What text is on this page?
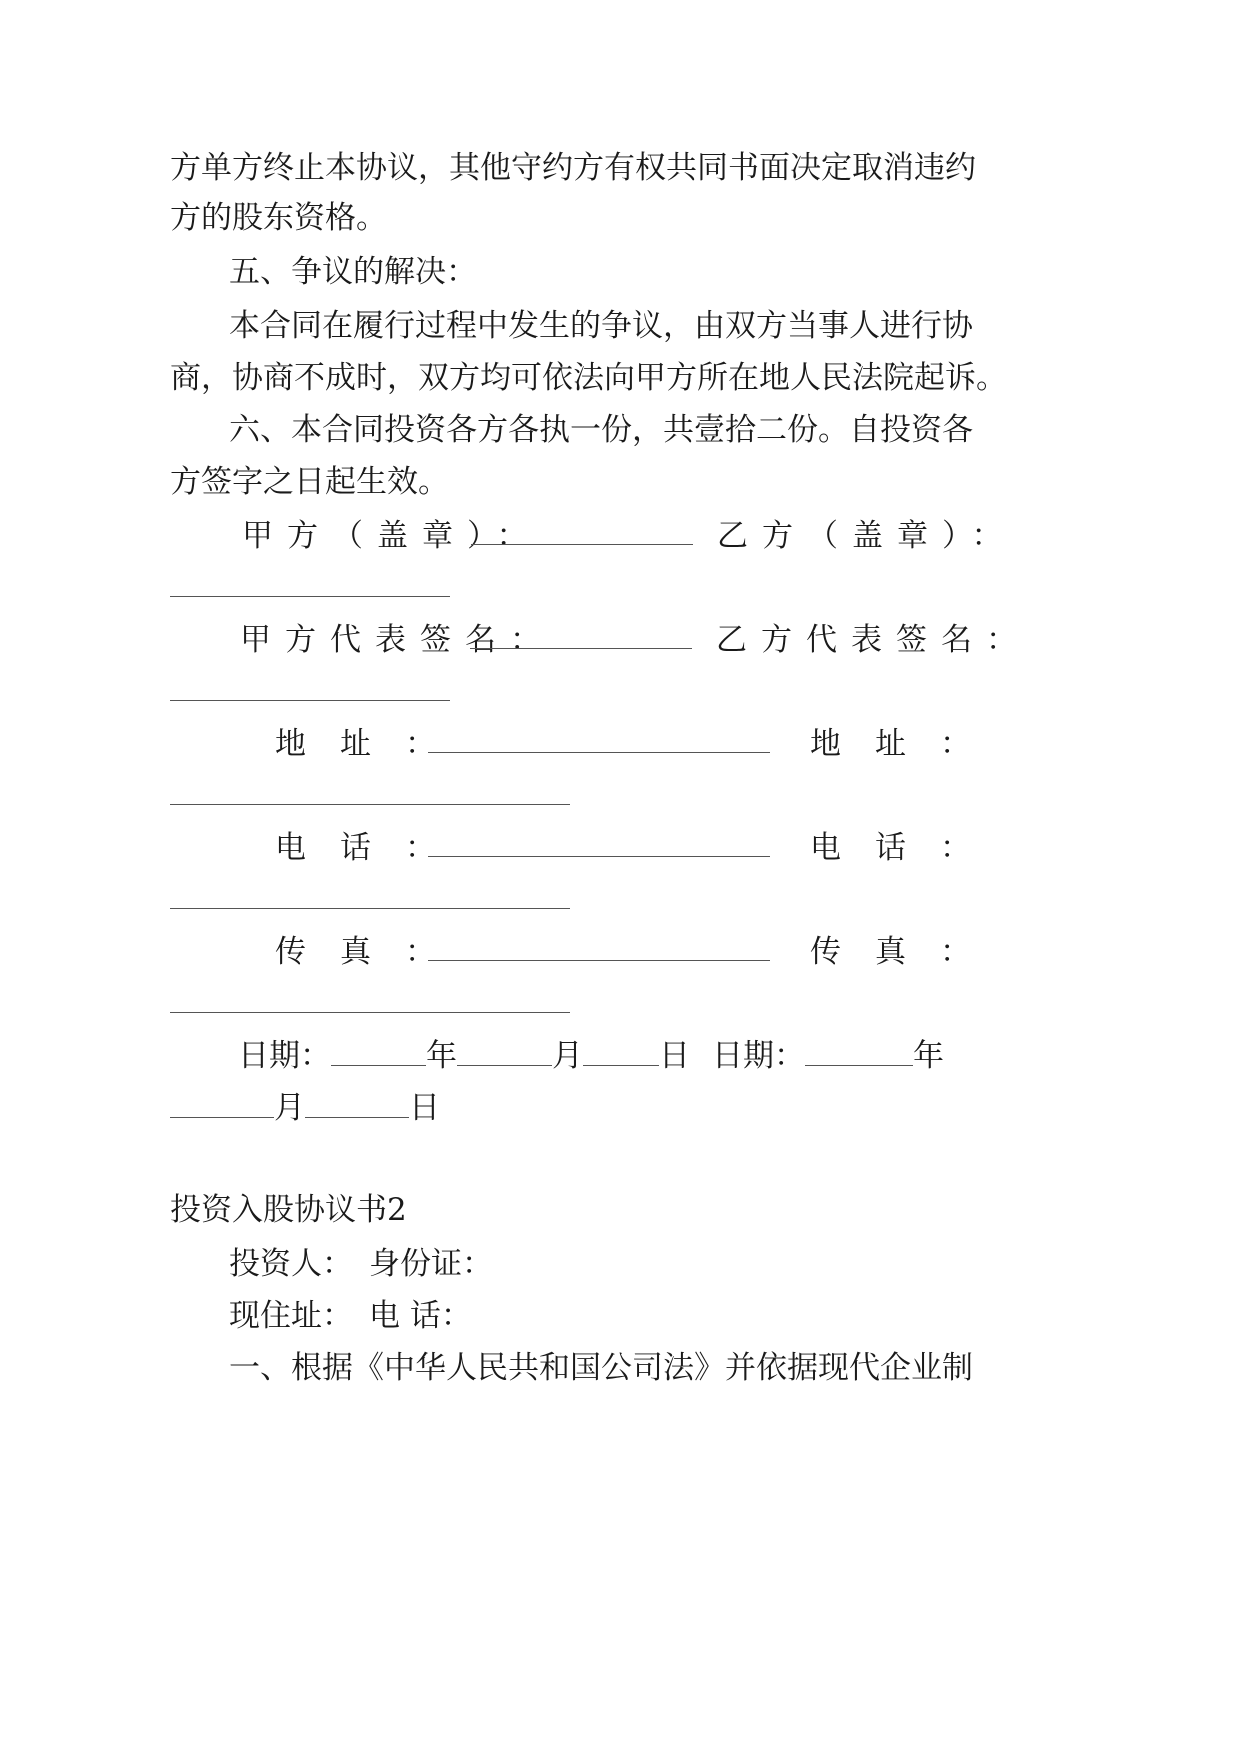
方单方终止本协议，其他守约方有权共同书面决定取消违约
方的股东资格。
五、争议的解决：
本合同在履行过程中发生的争议，由双方当事人进行协
商，协商不成时，双方均可依法向甲方所在地人民法院起诉。
六、本合同投资各方各执一份，共壹拾二份。自投资各
方签字之日起生效。
甲方（盖章）：	乙方（盖章）：
甲方代表签名：	乙方代表签名：
地址：	地址：
电话：	电话：
传真：	传真：
日期：	年	月 日 日期：	年
月	日
投资入股协议书2
投资人： 身份证：
现住址： 电 话：
一、根据《中华人民共和国公司法》并依据现代企业制
